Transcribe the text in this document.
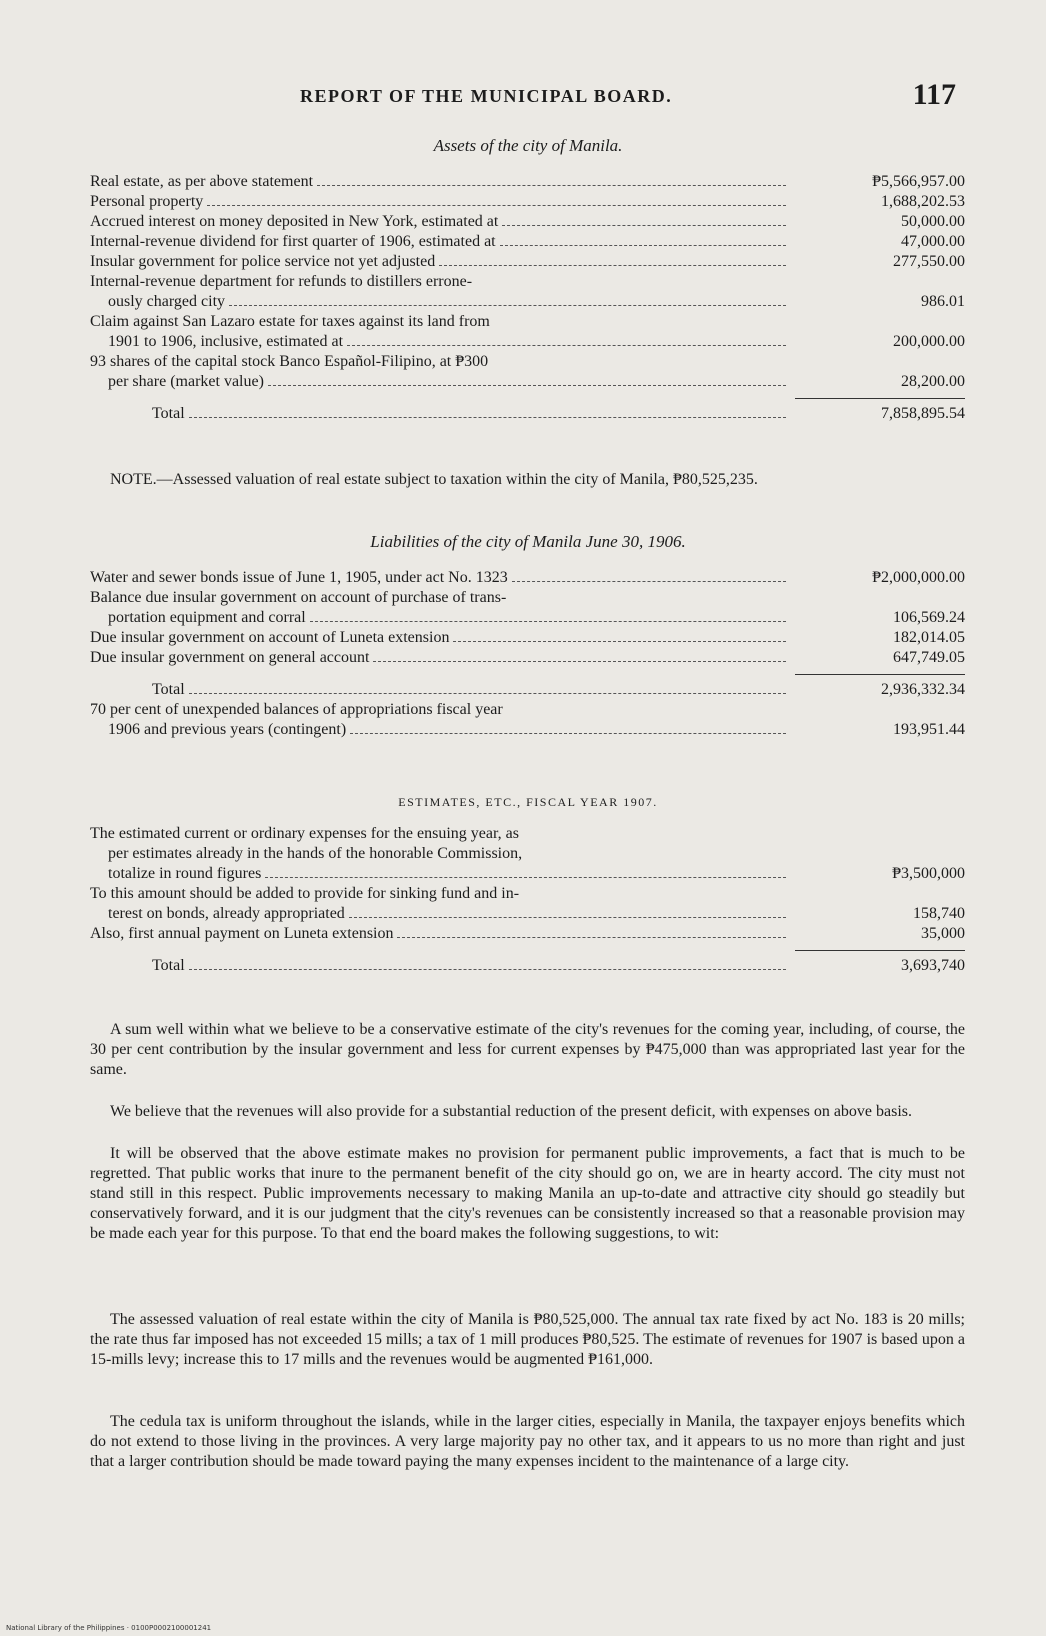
REPORT OF THE MUNICIPAL BOARD.	117
Assets of the city of Manila.
Real estate, as per above statement	₱5,566,957.00
Personal property	1,688,202.53
Accrued interest on money deposited in New York, estimated at	50,000.00
Internal-revenue dividend for first quarter of 1906, estimated at	47,000.00
Insular government for police service not yet adjusted	277,550.00
Internal-revenue department for refunds to distillers errone-
ously charged city	986.01
Claim against San Lazaro estate for taxes against its land from
1901 to 1906, inclusive, estimated at	200,000.00
93 shares of the capital stock Banco Español-Filipino, at ₱300
per share (market value)	28,200.00
Total	7,858,895.54
NOTE.—Assessed valuation of real estate subject to taxation within the city of Manila, ₱80,525,235.
Liabilities of the city of Manila June 30, 1906.
Water and sewer bonds issue of June 1, 1905, under act No. 1323	₱2,000,000.00
Balance due insular government on account of purchase of trans-
portation equipment and corral	106,569.24
Due insular government on account of Luneta extension	182,014.05
Due insular government on general account	647,749.05
Total	2,936,332.34
70 per cent of unexpended balances of appropriations fiscal year
1906 and previous years (contingent)	193,951.44
ESTIMATES, ETC., FISCAL YEAR 1907.
The estimated current or ordinary expenses for the ensuing year, as
per estimates already in the hands of the honorable Commission,
totalize in round figures	₱3,500,000
To this amount should be added to provide for sinking fund and in-
terest on bonds, already appropriated	158,740
Also, first annual payment on Luneta extension	35,000
Total	3,693,740
A sum well within what we believe to be a conservative estimate of the city's revenues for the coming year, including, of course, the 30 per cent contribution by the insular government and less for current expenses by ₱475,000 than was appropriated last year for the same.
We believe that the revenues will also provide for a substantial reduction of the present deficit, with expenses on above basis.
It will be observed that the above estimate makes no provision for permanent public improvements, a fact that is much to be regretted. That public works that inure to the permanent benefit of the city should go on, we are in hearty accord. The city must not stand still in this respect. Public improvements necessary to making Manila an up-to-date and attractive city should go steadily but conservatively forward, and it is our judgment that the city's revenues can be consistently increased so that a reasonable provision may be made each year for this purpose. To that end the board makes the following suggestions, to wit:
The assessed valuation of real estate within the city of Manila is ₱80,525,000. The annual tax rate fixed by act No. 183 is 20 mills; the rate thus far imposed has not exceeded 15 mills; a tax of 1 mill produces ₱80,525. The estimate of revenues for 1907 is based upon a 15-mills levy; increase this to 17 mills and the revenues would be augmented ₱161,000.
The cedula tax is uniform throughout the islands, while in the larger cities, especially in Manila, the taxpayer enjoys benefits which do not extend to those living in the provinces. A very large majority pay no other tax, and it appears to us no more than right and just that a larger contribution should be made toward paying the many expenses incident to the maintenance of a large city.
National Library of the Philippines · 0100P0002100001241
